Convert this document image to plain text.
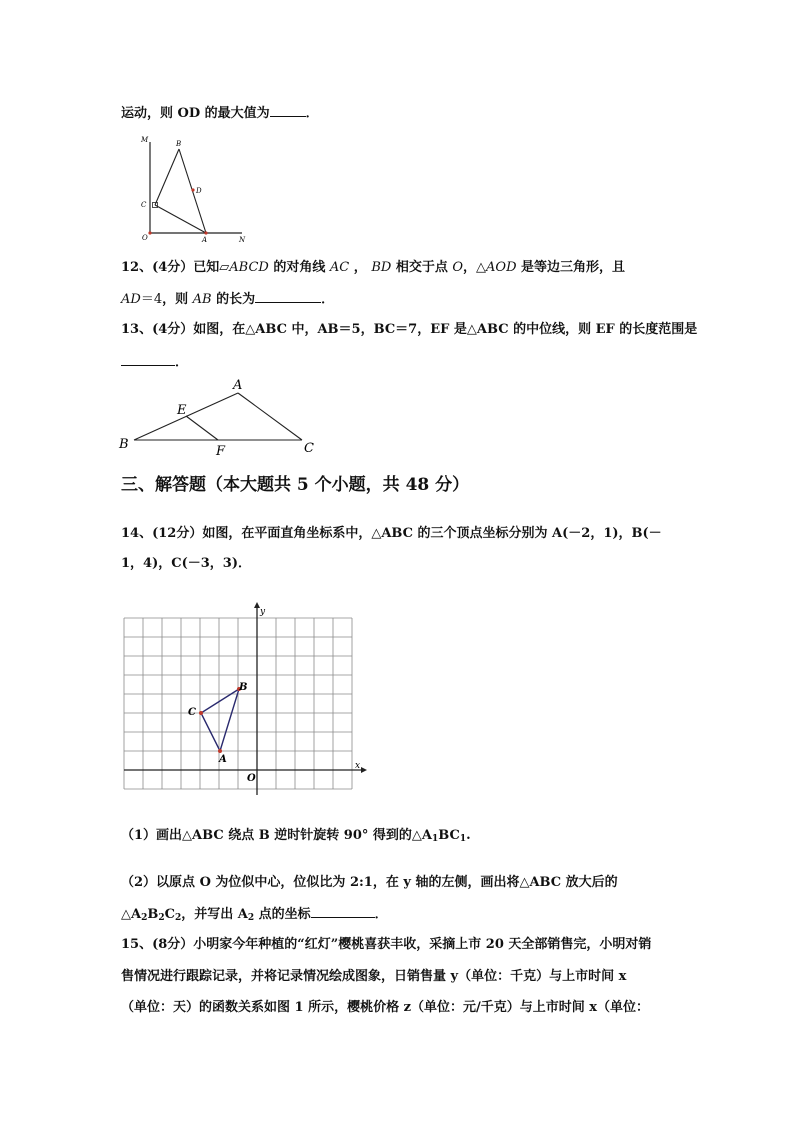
运动，则 OD 的最大值为	．
M	B
D
C
O	A	N
12、(4分）已知▱ABCD 的对角线 AC ， BD 相交于点 O，△AOD 是等边三角形，且
AD＝4，则 AB 的长为	．
13、(4分）如图，在△ABC 中，AB＝5，BC＝7，EF 是△ABC 的中位线，则 EF 的长度范围是
．
A
E
B	F	C
三、解答题（本大题共 5 个小题，共 48 分）
14、(12分）如图，在平面直角坐标系中，△ABC 的三个顶点坐标分别为 A(－2，1)，B(－
1，4)，C(－3，3)．
y
x
O
A
B
C
（1）画出△ABC 绕点 B 逆时针旋转 90° 得到的$\triangle A_1BC_1$.
（2）以原点 O 为位似中心，位似比为 2:1，在 y 轴的左侧，画出将△ABC 放大后的
$\triangle A_2B_2C_2$，并写出 $A_2$ 点的坐标	．
15、(8分）小明家今年种植的“红灯”樱桃喜获丰收，采摘上市 20 天全部销售完，小明对销
售情况进行跟踪记录，并将记录情况绘成图象，日销售量 y（单位：千克）与上市时间 x
（单位：天）的函数关系如图 1 所示，樱桃价格 z（单位：元/千克）与上市时间 x（单位：
